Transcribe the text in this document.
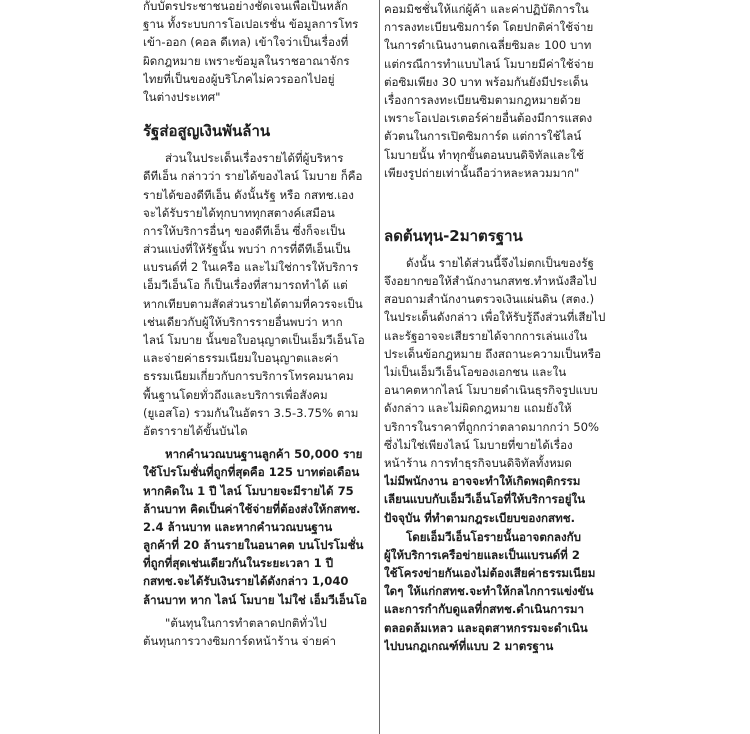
กับบัตรประชาชนอย่างชัดเจนเพื่อเป็นหลัก
ฐาน ทั้งระบบการโอเปอเรชั่น ข้อมูลการโทร
เข้า-ออก (คอล ดีเทล) เข้าใจว่าเป็นเรื่องที่
ผิดกฎหมาย เพราะข้อมูลในราชอาณาจักร
ไทยที่เป็นของผู้บริโภคไม่ควรออกไปอยู่
ในต่างประเทศ"
รัฐส่อสูญเงินพันล้าน
ส่วนในประเด็นเรื่องรายได้ที่ผู้บริหาร
ดีทีเอ็น กล่าวว่า รายได้ของไลน์ โมบาย ก็คือ
รายได้ของดีทีเอ็น ดังนั้นรัฐ หรือ กสทช.เอง
จะได้รับรายได้ทุกบาททุกสตางค์เสมือน
การให้บริการอื่นๆ ของดีทีเอ็น ซึ่งก็จะเป็น
ส่วนแบ่งที่ให้รัฐนั้น พบว่า การที่ดีทีเอ็นเป็น
แบรนด์ที่ 2 ในเครือ และไม่ใช่การให้บริการ
เอ็มวีเอ็นโอ ก็เป็นเรื่องที่สามารถทำได้ แต่
หากเทียบตามสัดส่วนรายได้ตามที่ควรจะเป็น
เช่นเดียวกับผู้ให้บริการรายอื่นพบว่า หาก
ไลน์ โมบาย นั้นขอใบอนุญาตเป็นเอ็มวีเอ็นโอ
และจ่ายค่าธรรมเนียมใบอนุญาตและค่า
ธรรมเนียมเกี่ยวกับการบริการโทรคมนาคม
พื้นฐานโดยทั่วถึงและบริการเพื่อสังคม
(ยูเอสโอ) รวมกันในอัตรา 3.5-3.75% ตาม
อัตรารายได้ขั้นบันได
หากคำนวณบนฐานลูกค้า 50,000 ราย
ใช้โปรโมชั่นที่ถูกที่สุดคือ 125 บาทต่อเดือน
หากคิดใน 1 ปี ไลน์ โมบายจะมีรายได้ 75
ล้านบาท คิดเป็นค่าใช้จ่ายที่ต้องส่งให้กสทช.
2.4 ล้านบาท และหากคำนวณบนฐาน
ลูกค้าที่ 20 ล้านรายในอนาคต บนโปรโมชั่น
ที่ถูกที่สุดเช่นเดียวกันในระยะเวลา 1 ปี
กสทช.จะได้รับเงินรายได้ดังกล่าว 1,040
ล้านบาท หาก ไลน์ โมบาย ไม่ใช่ เอ็มวีเอ็นโอ
"ต้นทุนในการทำตลาดปกติทั่วไป
ต้นทุนการวางซิมการ์ดหน้าร้าน จ่ายค่า
คอมมิชชั่นให้แก่ผู้ค้า และค่าปฏิบัติการใน
การลงทะเบียนซิมการ์ด โดยปกติค่าใช้จ่าย
ในการดำเนินงานตกเฉลี่ยซิมละ 100 บาท
แต่กรณีการทำแบบไลน์ โมบายมีค่าใช้จ่าย
ต่อซิมเพียง 30 บาท พร้อมกันยังมีประเด็น
เรื่องการลงทะเบียนซิมตามกฎหมายด้วย
เพราะโอเปอเรเตอร์ค่ายอื่นต้องมีการแสดง
ตัวตนในการเปิดซิมการ์ด แต่การใช้ไลน์
โมบายนั้น ทำทุกขั้นตอนบนดิจิทัลและใช้
เพียงรูปถ่ายเท่านั้นถือว่าหละหลวมมาก"
ลดต้นทุน-2มาตรฐาน
ดังนั้น รายได้ส่วนนี้จึงไม่ตกเป็นของรัฐ
จึงอยากขอให้สำนักงานกสทช.ทำหนังสือไป
สอบถามสำนักงานตรวจเงินแผ่นดิน (สตง.)
ในประเด็นดังกล่าว เพื่อให้รับรู้ถึงส่วนที่เสียไป
และรัฐอาจจะเสียรายได้จากการเล่นแง่ใน
ประเด็นข้อกฎหมาย ถึงสถานะความเป็นหรือ
ไม่เป็นเอ็มวีเอ็นโอของเอกชน และใน
อนาคตหากไลน์ โมบายดำเนินธุรกิจรูปแบบ
ดังกล่าว และไม่ผิดกฎหมาย แถมยังให้
บริการในราคาที่ถูกกว่าตลาดมากกว่า 50%
ซึ่งไม่ใช่เพียงไลน์ โมบายที่ขายได้เรื่อง
หน้าร้าน การทำธุรกิจบนดิจิทัลทั้งหมด
ไม่มีพนักงาน อาจจะทำให้เกิดพฤติกรรม
เลียนแบบกับเอ็มวีเอ็นโอที่ให้บริการอยู่ใน
ปัจจุบัน ที่ทำตามกฎระเบียบของกสทช.
โดยเอ็มวีเอ็นโอรายนั้นอาจตกลงกับ
ผู้ให้บริการเครือข่ายและเป็นแบรนด์ที่ 2
ใช้โครงข่ายกันเองไม่ต้องเสียค่าธรรมเนียม
ใดๆ ให้แก่กสทช.จะทำให้กลไกการแข่งขัน
และการกำกับดูแลที่กสทช.ดำเนินการมา
ตลอดล้มเหลว และอุตสาหกรรมจะดำเนิน
ไปบนกฎเกณฑ์ที่แบบ 2 มาตรฐาน
